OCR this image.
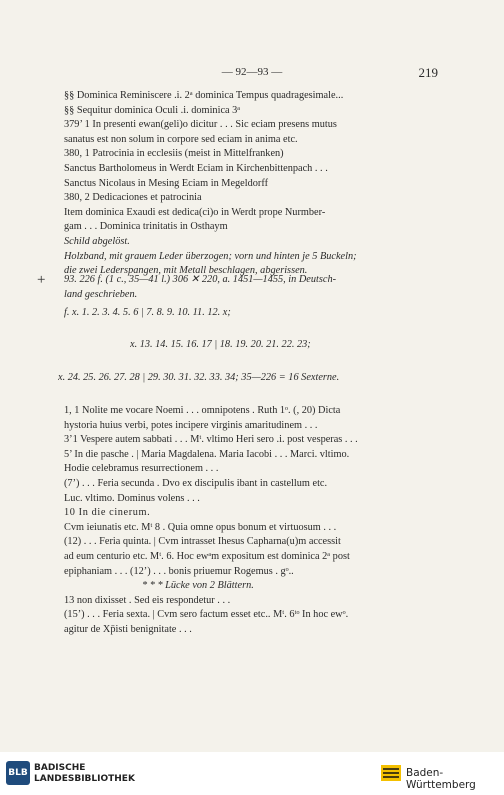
— 92—93 —	219
+
§§ Dominica Reminiscere .i. 2ᵃ dominica Tempus quadragesimale...
§§ Sequitur dominica Oculi .i. dominica 3ᵃ
379’ 1 In presenti ewan(geli)o dicitur . . . Sic eciam presens mutus
sanatus est non solum in corpore sed eciam in anima etc.
380, 1 Patrocinia in ecclesiis (meist in Mittelfranken)
Sanctus Bartholomeus in Werdt Eciam in Kirchenbittenpach . . .
Sanctus Nicolaus in Mesing Eciam in Megeldorff
380, 2 Dedicaciones et patrocinia
Item dominica Exaudi est dedica(ci)o in Werdt prope Nurmber-
gam . . . Dominica trinitatis in Osthaym
Schild abgelöst.
Holzband, mit grauem Leder überzogen; vorn und hinten je 5 Buckeln;
die zwei Lederspangen, mit Metall beschlagen, abgerissen.
93. 226 f. (1 c., 35—41 l.) 306 ✕ 220, a. 1451—1455, in Deutsch-
land geschrieben.
f. x. 1. 2. 3. 4. 5. 6 | 7. 8. 9. 10. 11. 12. x;
x. 13. 14. 15. 16. 17 | 18. 19. 20. 21. 22. 23;
x. 24. 25. 26. 27. 28 | 29. 30. 31. 32. 33. 34; 35—226 = 16 Sexterne.
1, 1 Nolite me vocare Noemi . . . omnipotens . Ruth 1ᵒ. (, 20) Dicta
hystoria huius verbi, potes incipere virginis amaritudinem . . .
3’1 Vespere autem sabbati . . . Mᵗ. vltimo Heri sero .i. post vesperas . . .
5’ In die pasche . | Maria Magdalena. Maria Iacobi . . . Marci. vltimo.
Hodie celebramus resurrectionem . . .
(7’) . . . Feria secunda . Dvo ex discipulis ibant in castellum etc.
Luc. vltimo. Dominus volens . . .
10 In die cinerum.
Cvm ieiunatis etc. Mᵗ 8 . Quia omne opus bonum et virtuosum . . .
(12) . . . Feria quinta. | Cvm intrasset Ihesus Capharna(u)m accessit
ad eum centurio etc. Mᵗ. 6. Hoc ewᵃm expositum est dominica 2ᵃ post
epiphaniam . . . (12’) . . . bonis priuemur Rogemus . gᵒ..
* * * Lücke von 2 Blättern.
13 non dixisset . Sed eis respondetur . . .
(15’) . . . Feria sexta. | Cvm sero factum esset etc.. Mᵗ. 6ᵗᵒ In hoc ewᵒ.
agitur de Xp̄isti benignitate . . .
BLB BADISCHE
LANDESBIBLIOTHEK	Baden-Württemberg
